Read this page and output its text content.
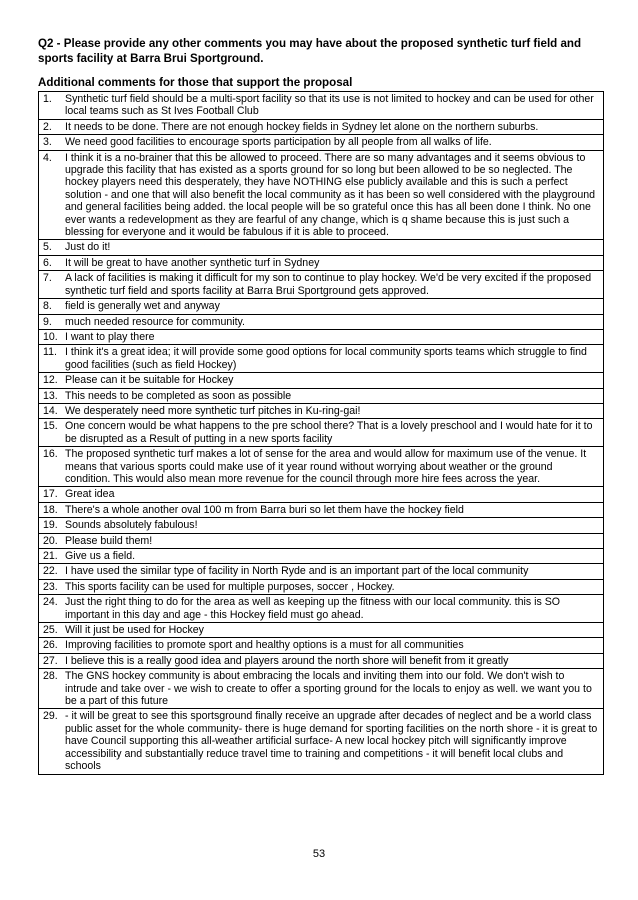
Q2 - Please provide any other comments you may have about the proposed synthetic turf field and sports facility at Barra Brui Sportground.

Additional comments for those that support the proposal

1.	Synthetic turf field should be a multi-sport facility so that its use is not limited to hockey and can be used for other local teams such as St Ives Football Club
2.	It needs to be done. There are not enough hockey fields in Sydney let alone on the northern suburbs.
3.	We need good facilities to encourage sports participation by all people from all walks of life.
4.	I think it is a no-brainer that this be allowed to proceed. There are so many advantages and it seems obvious to upgrade this facility that has existed as a sports ground for so long but been allowed to be so neglected. The hockey players need this desperately, they have NOTHING else publicly available and this is such a perfect solution - and one that will also benefit the local community as it has been so well considered with the playground and general facilities being added. the local people will be so grateful once this has all been done I think. No one ever wants a redevelopment as they are fearful of any change, which is q shame because this is just such a blessing for everyone and it would be fabulous if it is able to proceed.
5.	Just do it!
6.	It will be great to have another synthetic turf in Sydney
7.	A lack of facilities is making it difficult for my son to continue to play hockey. We'd be very excited if the proposed synthetic turf field and sports facility at Barra Brui Sportground gets approved.
8.	field is generally wet and anyway
9.	much needed resource for community.
10. I want to play there
11. I think it's a great idea; it will provide some good options for local community sports teams which struggle to find good facilities (such as field Hockey)
12. Please can it be suitable for Hockey
13. This needs to be completed as soon as possible
14. We desperately need more synthetic turf pitches in Ku-ring-gai!
15. One concern would be what happens to the pre school there? That is a lovely preschool and I would hate for it to be disrupted as a Result of putting in a new sports facility
16. The proposed synthetic turf makes a lot of sense for the area and would allow for maximum use of the venue. It means that various sports could make use of it year round without worrying about weather or the ground condition. This would also mean more revenue for the council through more hire fees across the year.
17. Great idea
18. There's a whole another oval 100 m from Barra buri so let them have the hockey field
19. Sounds absolutely fabulous!
20. Please build them!
21. Give us a field.
22. I have used the similar type of facility in North Ryde and is an important part of the local community
23. This sports facility can be used for multiple purposes, soccer , Hockey.
24. Just the right thing to do for the area as well as keeping up the fitness with our local community. this is SO important in this day and age - this Hockey field must go ahead.
25. Will it just be used for Hockey
26. Improving facilities to promote sport and healthy options is a must for all communities
27. I believe this is a really good idea and players around the north shore will benefit from it greatly
28. The GNS hockey community is about embracing the locals and inviting them into our fold. We don't wish to intrude and take over - we wish to create to offer a sporting ground for the locals to enjoy as well. we want you to be a part of this future
29. - it will be great to see this sportsground finally receive an upgrade after decades of neglect and be a world class public asset for the whole community- there is huge demand for sporting facilities on the north shore - it is great to have Council supporting this all-weather artificial surface- A new local hockey pitch will significantly improve accessibility and substantially reduce travel time to training and competitions - it will benefit local clubs and schools
53
